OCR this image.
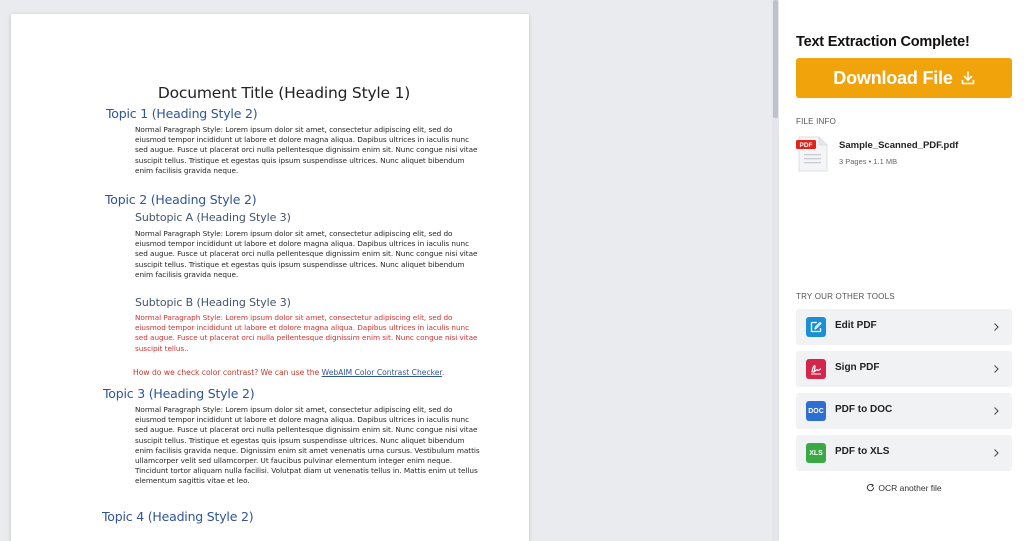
Document Title (Heading Style 1)
Topic 1 (Heading Style 2)
Normal Paragraph Style: Lorem ipsum dolor sit amet, consectetur adipiscing elit, sed do eiusmod tempor incididunt ut labore et dolore magna aliqua. Dapibus ultrices in iaculis nunc sed augue. Fusce ut placerat orci nulla pellentesque dignissim enim sit. Nunc congue nisi vitae suscipit tellus. Tristique et egestas quis ipsum suspendisse ultrices. Nunc aliquet bibendum enim facilisis gravida neque.
Topic 2 (Heading Style 2)
Subtopic A (Heading Style 3)
Normal Paragraph Style: Lorem ipsum dolor sit amet, consectetur adipiscing elit, sed do eiusmod tempor incididunt ut labore et dolore magna aliqua. Dapibus ultrices in iaculis nunc sed augue. Fusce ut placerat orci nulla pellentesque dignissim enim sit. Nunc congue nisi vitae suscipit tellus. Tristique et egestas quis ipsum suspendisse ultrices. Nunc aliquet bibendum enim facilisis gravida neque.
Subtopic B (Heading Style 3)
Normal Paragraph Style: Lorem ipsum dolor sit amet, consectetur adipiscing elit, sed do eiusmod tempor incididunt ut labore et dolore magna aliqua. Dapibus ultrices in iaculis nunc sed augue. Fusce ut placerat orci nulla pellentesque dignissim enim sit. Nunc congue nisi vitae suscipit tellus..
How do we check color contrast? We can use the WebAIM Color Contrast Checker.
Topic 3 (Heading Style 2)
Normal Paragraph Style: Lorem ipsum dolor sit amet, consectetur adipiscing elit, sed do eiusmod tempor incididunt ut labore et dolore magna aliqua. Dapibus ultrices in iaculis nunc sed augue. Fusce ut placerat orci nulla pellentesque dignissim enim sit. Nunc congue nisi vitae suscipit tellus. Tristique et egestas quis ipsum suspendisse ultrices. Nunc aliquet bibendum enim facilisis gravida neque. Dignissim enim sit amet venenatis urna cursus. Vestibulum mattis ullamcorper velit sed ullamcorper. Ut faucibus pulvinar elementum integer enim neque. Tincidunt tortor aliquam nulla facilisi. Volutpat diam ut venenatis tellus in. Mattis enim ut tellus elementum sagittis vitae et leo.
Topic 4 (Heading Style 2)
Text Extraction Complete!
Download File
FILE INFO
PDF	Sample_Scanned_PDF.pdf
3 Pages • 1.1 MB
TRY OUR OTHER TOOLS
Edit PDF
Sign PDF
DOC PDF to DOC
XLS	PDF to XLS
OCR another file
